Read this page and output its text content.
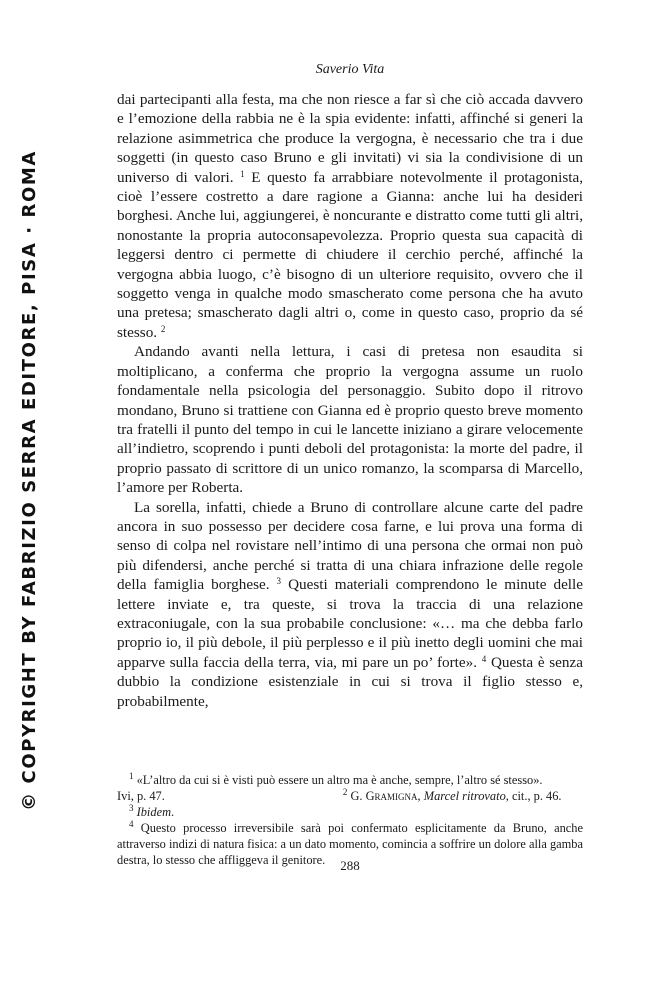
© COPYRIGHT BY FABRIZIO SERRA EDITORE, PISA · ROMA
Saverio Vita

dai partecipanti alla festa, ma che non riesce a far sì che ciò accada davvero e l’emozione della rabbia ne è la spia evidente: infatti, affinché si generi la relazione asimmetrica che produce la vergogna, è necessario che tra i due soggetti (in questo caso Bruno e gli invitati) vi sia la condivisione di un universo di valori. $^1$ E questo fa arrabbiare notevolmente il protagonista, cioè l’essere costretto a dare ragione a Gianna: anche lui ha desideri borghesi. Anche lui, aggiungerei, è noncurante e distratto come tutti gli altri, nonostante la propria autoconsapevolezza. Proprio questa sua capacità di leggersi dentro ci permette di chiudere il cerchio perché, affinché la vergogna abbia luogo, c’è bisogno di un ulteriore requisito, ovvero che il soggetto venga in qualche modo smascherato come persona che ha avuto una pretesa; smascherato dagli altri o, come in questo caso, proprio da sé stesso. $^2$

Andando avanti nella lettura, i casi di pretesa non esaudita si moltiplicano, a conferma che proprio la vergogna assume un ruolo fondamentale nella psicologia del personaggio. Subito dopo il ritrovo mondano, Bruno si trattiene con Gianna ed è proprio questo breve momento tra fratelli il punto del tempo in cui le lancette iniziano a girare velocemente all’indietro, scoprendo i punti deboli del protagonista: la morte del padre, il proprio passato di scrittore di un unico romanzo, la scomparsa di Marcello, l’amore per Roberta.

La sorella, infatti, chiede a Bruno di controllare alcune carte del padre ancora in suo possesso per decidere cosa farne, e lui prova una forma di senso di colpa nel rovistare nell’intimo di una persona che ormai non può più difendersi, anche perché si tratta di una chiara infrazione delle regole della famiglia borghese. $^3$ Questi materiali comprendono le minute delle lettere inviate e, tra queste, si trova la traccia di una relazione extraconiugale, con la sua probabile conclusione: «… ma che debba farlo proprio io, il più debole, il più perplesso e il più inetto degli uomini che mai apparve sulla faccia della terra, via, mi pare un po’ forte». $^4$ Questa è senza dubbio la condizione esistenziale in cui si trova il figlio stesso e, probabilmente,

$^1$ «L’altro da cui si è visti può essere un altro ma è anche, sempre, l’altro sé stesso».

Ivi, p. 47.	$^2$ G. Gramigna, Marcel ritrovato, cit., p. 46.

$^3$ Ibidem.

$^4$ Questo processo irreversibile sarà poi confermato esplicitamente da Bruno, anche attraverso indizi di natura fisica: a un dato momento, comincia a soffrire un dolore alla gamba destra, lo stesso che affliggeva il genitore.	288
